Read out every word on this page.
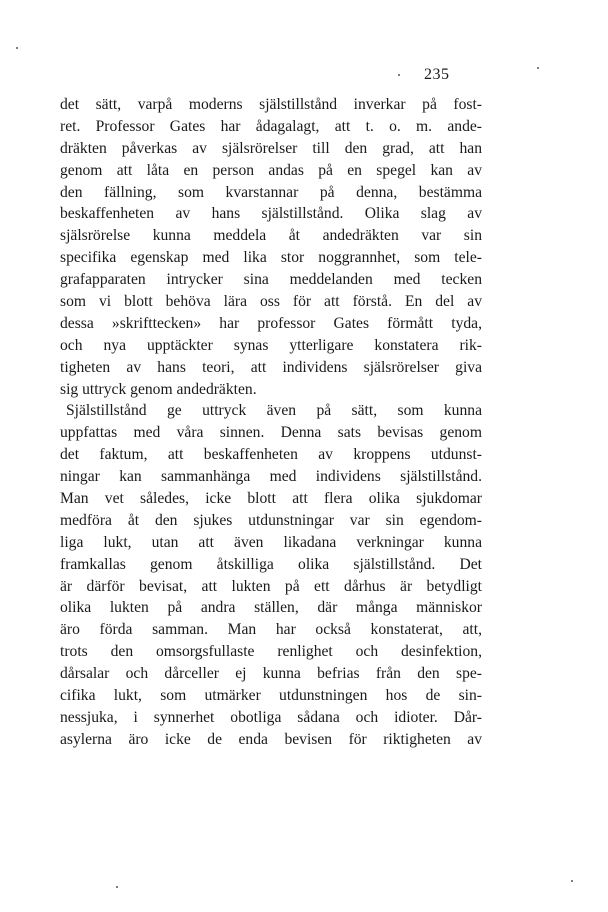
235
det sätt, varpå moderns själstillstånd inverkar på fost-
ret. Professor Gates har ådagalagt, att t. o. m. ande-
dräkten påverkas av själsrörelser till den grad, att han
genom att låta en person andas på en spegel kan av
den fällning, som kvarstannar på denna, bestämma
beskaffenheten av hans själstillstånd. Olika slag av
själsrörelse kunna meddela åt andedräkten var sin
specifika egenskap med lika stor noggrannhet, som tele-
grafapparaten intrycker sina meddelanden med tecken
som vi blott behöva lära oss för att förstå. En del av
dessa »skrifttecken» har professor Gates förmått tyda,
och nya upptäckter synas ytterligare konstatera rik-
tigheten av hans teori, att individens själsrörelser giva
sig uttryck genom andedräkten.
Själstillstånd ge uttryck även på sätt, som kunna
uppfattas med våra sinnen. Denna sats bevisas genom
det faktum, att beskaffenheten av kroppens utdunst-
ningar kan sammanhänga med individens själstillstånd.
Man vet således, icke blott att flera olika sjukdomar
medföra åt den sjukes utdunstningar var sin egendom-
liga lukt, utan att även likadana verkningar kunna
framkallas genom åtskilliga olika själstillstånd. Det
är därför bevisat, att lukten på ett dårhus är betydligt
olika lukten på andra ställen, där många människor
äro förda samman. Man har också konstaterat, att,
trots den omsorgsfullaste renlighet och desinfektion,
dårsalar och dårceller ej kunna befrias från den spe-
cifika lukt, som utmärker utdunstningen hos de sin-
nessjuka, i synnerhet obotliga sådana och idioter. Dår-
asylerna äro icke de enda bevisen för riktigheten av
